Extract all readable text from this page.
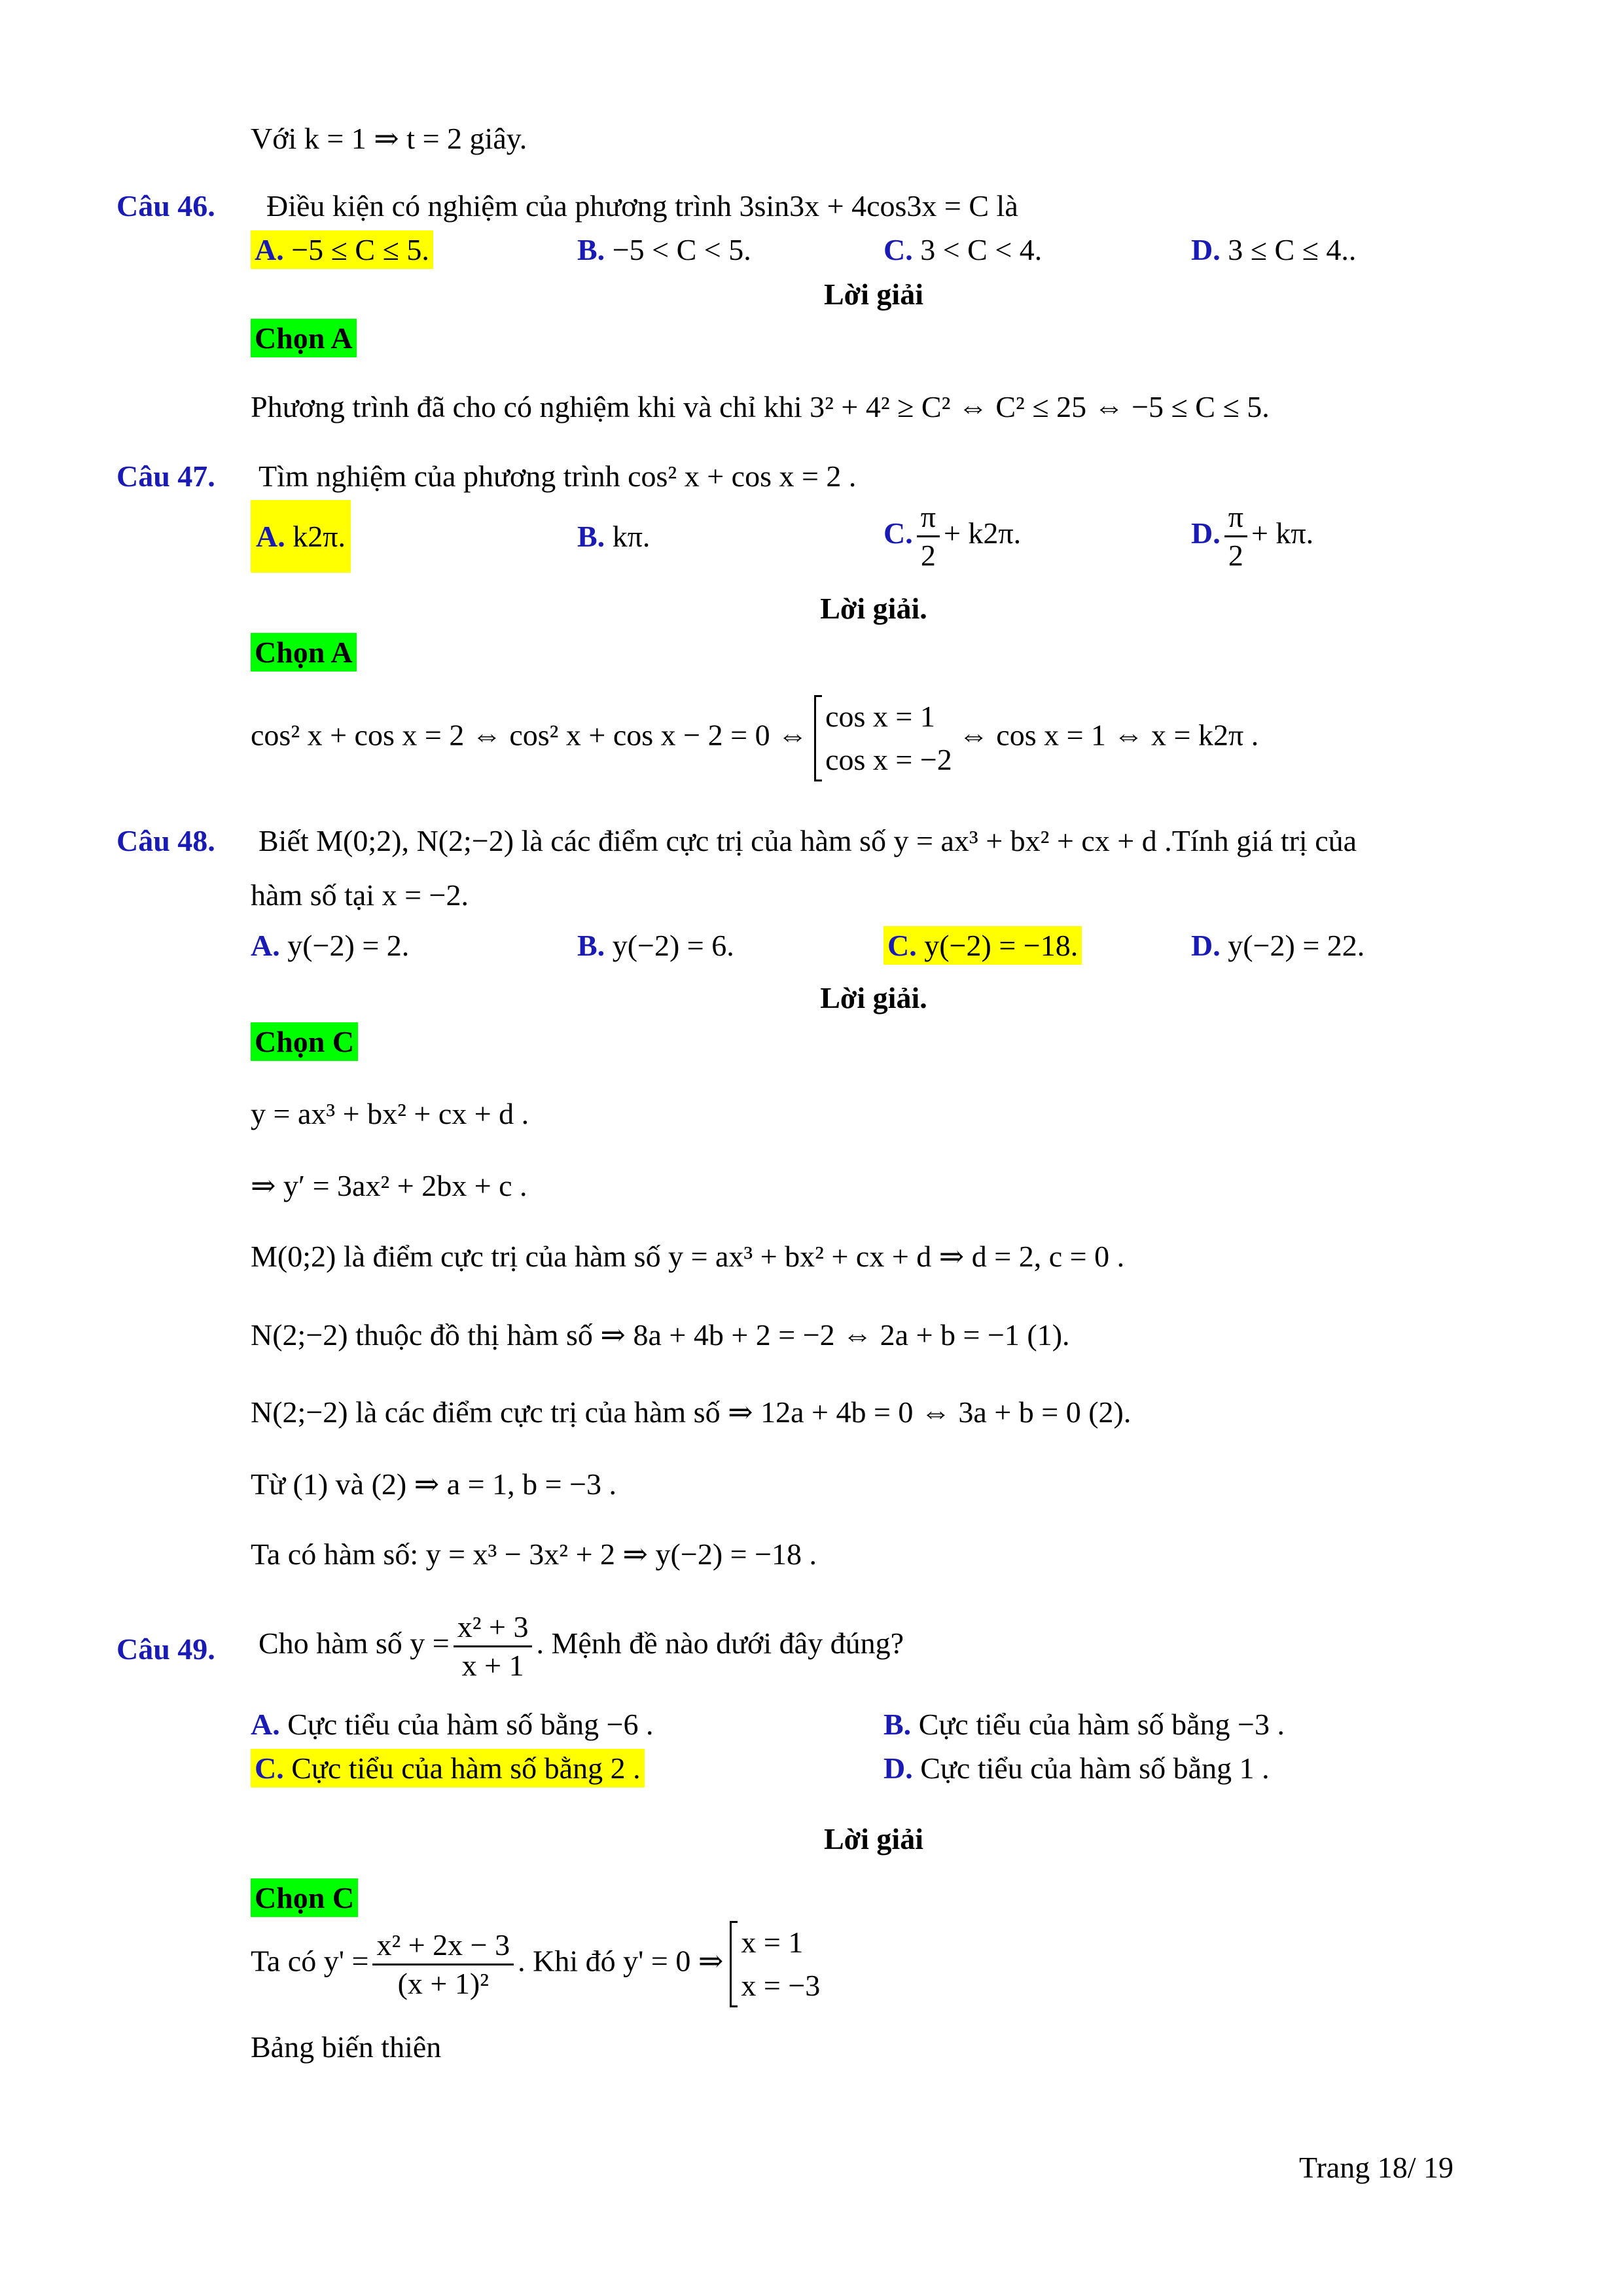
Với k = 1 ⇒ t = 2 giây.
Câu 46. Điều kiện có nghiệm của phương trình 3sin3x + 4cos3x = C là
A. −5 ≤ C ≤ 5.	B. −5 < C < 5.	C. 3 < C < 4.	D. 3 ≤ C ≤ 4..
Lời giải
Chọn A
Phương trình đã cho có nghiệm khi và chỉ khi 3² + 4² ≥ C² ⇔ C² ≤ 25 ⇔ −5 ≤ C ≤ 5.
Câu 47. Tìm nghiệm của phương trình cos² x + cos x = 2 .
A. k2π.	B. kπ.	C. $\frac{\pi}{2} + k2\pi$.	D. $\frac{\pi}{2} + k\pi$.
Lời giải.
Chọn A
cos² x + cos x = 2 ⇔ cos² x + cos x − 2 = 0 ⇔
cos x = 1
cos x = −2
⇔ cos x = 1 ⇔ x = k2π .
Câu 48. Biết M(0;2), N(2;−2) là các điểm cực trị của hàm số y = ax³ + bx² + cx + d .Tính giá trị của
hàm số tại x = −2.
A. y(−2) = 2.	B. y(−2) = 6.	C. y(−2) = −18.	D. y(−2) = 22.
Lời giải.
Chọn C
y = ax³ + bx² + cx + d .
⇒ y′ = 3ax² + 2bx + c .
M(0;2) là điểm cực trị của hàm số y = ax³ + bx² + cx + d ⇒ d = 2, c = 0 .
N(2;−2) thuộc đồ thị hàm số ⇒ 8a + 4b + 2 = −2 ⇔ 2a + b = −1 (1).
N(2;−2) là các điểm cực trị của hàm số ⇒ 12a + 4b = 0 ⇔ 3a + b = 0 (2).
Từ (1) và (2) ⇒ a = 1, b = −3 .
Ta có hàm số: y = x³ − 3x² + 2 ⇒ y(−2) = −18 .
Câu 49. Cho hàm số $y = \frac{\text{x² + 3}}{x + 1}$ . Mệnh đề nào dưới đây đúng?
A. Cực tiểu của hàm số bằng −6 .	B. Cực tiểu của hàm số bằng −3 .
C. Cực tiểu của hàm số bằng 2 .	D. Cực tiểu của hàm số bằng 1 .
Lời giải
Chọn C
Ta có $y' = \frac{\text{x² + 2x − 3}}{\text{(x + 1)²}}$ . Khi đó y' = 0 ⇒
x = 1
x = −3
Bảng biến thiên
Trang 18/ 19
